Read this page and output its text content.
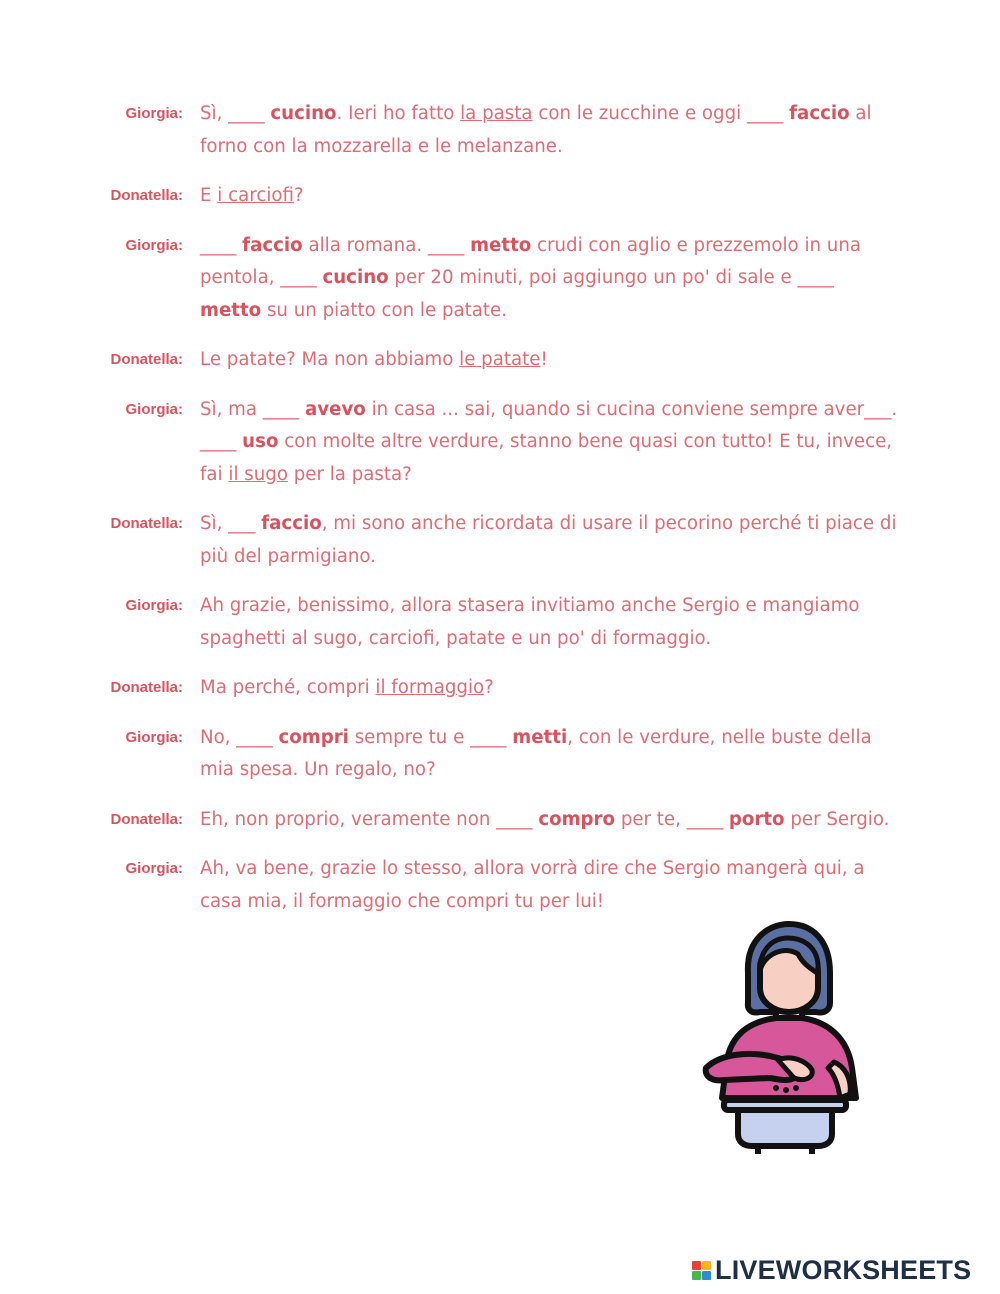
Giorgia: Sì, ____ cucino. Ieri ho fatto la pasta con le zucchine e oggi ____ faccio al forno con la mozzarella e le melanzane.
Donatella: E i carciofi?
Giorgia: ____ faccio alla romana. ____ metto crudi con aglio e prezzemolo in una pentola, ____ cucino per 20 minuti, poi aggiungo un po' di sale e ____ metto su un piatto con le patate.
Donatella: Le patate? Ma non abbiamo le patate!
Giorgia: Sì, ma ____ avevo in casa ... sai, quando si cucina conviene sempre aver___. ____ uso con molte altre verdure, stanno bene quasi con tutto! E tu, invece, fai il sugo per la pasta?
Donatella: Sì, ___ faccio, mi sono anche ricordata di usare il pecorino perché ti piace di più del parmigiano.
Giorgia: Ah grazie, benissimo, allora stasera invitiamo anche Sergio e mangiamo spaghetti al sugo, carciofi, patate e un po' di formaggio.
Donatella: Ma perché, compri il formaggio?
Giorgia: No, ____ compri sempre tu e ____ metti, con le verdure, nelle buste della mia spesa. Un regalo, no?
Donatella: Eh, non proprio, veramente non ____ compro per te, ____ porto per Sergio.
Giorgia: Ah, va bene, grazie lo stesso, allora vorrà dire che Sergio mangerà qui, a casa mia, il formaggio che compri tu per lui!
LIVEWORKSHEETS
